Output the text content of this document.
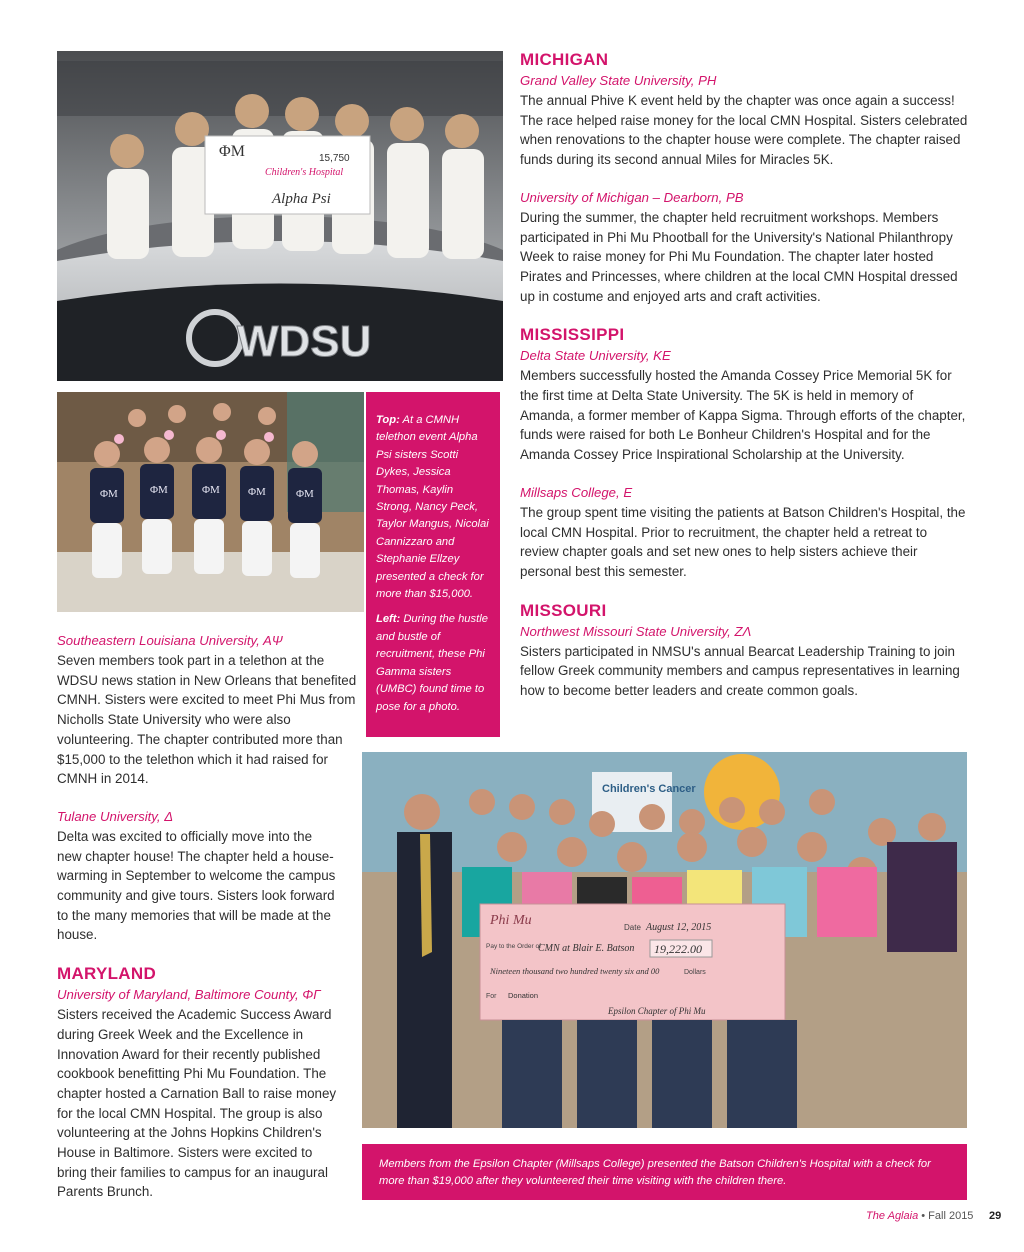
ΦM
Children's Hospital
15,750
Alpha Psi
WDSU
ΦM	ΦM	ΦM	ΦM	ΦM

Top: At a CMNH telethon event Alpha Psi sisters Scotti Dykes, Jessica Thomas, Kaylin Strong, Nancy Peck, Taylor Mangus, Nicolai Cannizzaro and Stephanie Ellzey presented a check for more than $15,000.

Left: During the hustle and bustle of recruitment, these Phi Gamma sisters (UMBC) found time to pose for a photo.

Southeastern Louisiana University, AΨ

Seven members took part in a telethon at the WDSU news station in New Orleans that benefited CMNH. Sisters were excited to meet Phi Mus from Nicholls State University who were also volunteering. The chapter contributed more than $15,000 to the telethon which it had raised for CMNH in 2014.

Tulane University, Δ

Delta was excited to officially move into the new chapter house! The chapter held a house-warming in September to welcome the campus community and give tours. Sisters look forward to the many memories that will be made at the house.

MARYLAND

University of Maryland, Baltimore County, ΦΓ

Sisters received the Academic Success Award during Greek Week and the Excellence in Innovation Award for their recently published cookbook benefitting Phi Mu Foundation. The chapter hosted a Carnation Ball to raise money for the local CMN Hospital. The group is also volunteering at the Johns Hopkins Children's House in Baltimore. Sisters were excited to bring their families to campus for an inaugural Parents Brunch.

MICHIGAN

Grand Valley State University, PH

The annual Phive K event held by the chapter was once again a success! The race helped raise money for the local CMN Hospital. Sisters celebrated when renovations to the chapter house were complete. The chapter raised funds during its second annual Miles for Miracles 5K.

University of Michigan – Dearborn, PB

During the summer, the chapter held recruitment workshops. Members participated in Phi Mu Phootball for the University's National Philanthropy Week to raise money for Phi Mu Foundation. The chapter later hosted Pirates and Princesses, where children at the local CMN Hospital dressed up in costume and enjoyed arts and craft activities.

MISSISSIPPI

Delta State University, KE

Members successfully hosted the Amanda Cossey Price Memorial 5K for the first time at Delta State University. The 5K is held in memory of Amanda, a former member of Kappa Sigma. Through efforts of the chapter, funds were raised for both Le Bonheur Children's Hospital and for the Amanda Cossey Price Inspirational Scholarship at the University.

Millsaps College, E

The group spent time visiting the patients at Batson Children's Hospital, the local CMN Hospital. Prior to recruitment, the chapter held a retreat to review chapter goals and set new ones to help sisters achieve their personal best this semester.

MISSOURI

Northwest Missouri State University, ZΛ

Sisters participated in NMSU's annual Bearcat Leadership Training to join fellow Greek community members and campus representatives in learning how to become better leaders and create common goals.

Children's Cancer
Phi Mu	Date August 12, 2015
Pay to the Order of
CMN at Blair E. Batson 19,222.00
Nineteen thousand two hundred twenty six and 00	Dollars
For Donation
Epsilon Chapter of Phi Mu
Members from the Epsilon Chapter (Millsaps College) presented the Batson Children's Hospital with a check for more than $19,000 after they volunteered their time visiting with the children there.
The Aglaia • Fall 2015 29
